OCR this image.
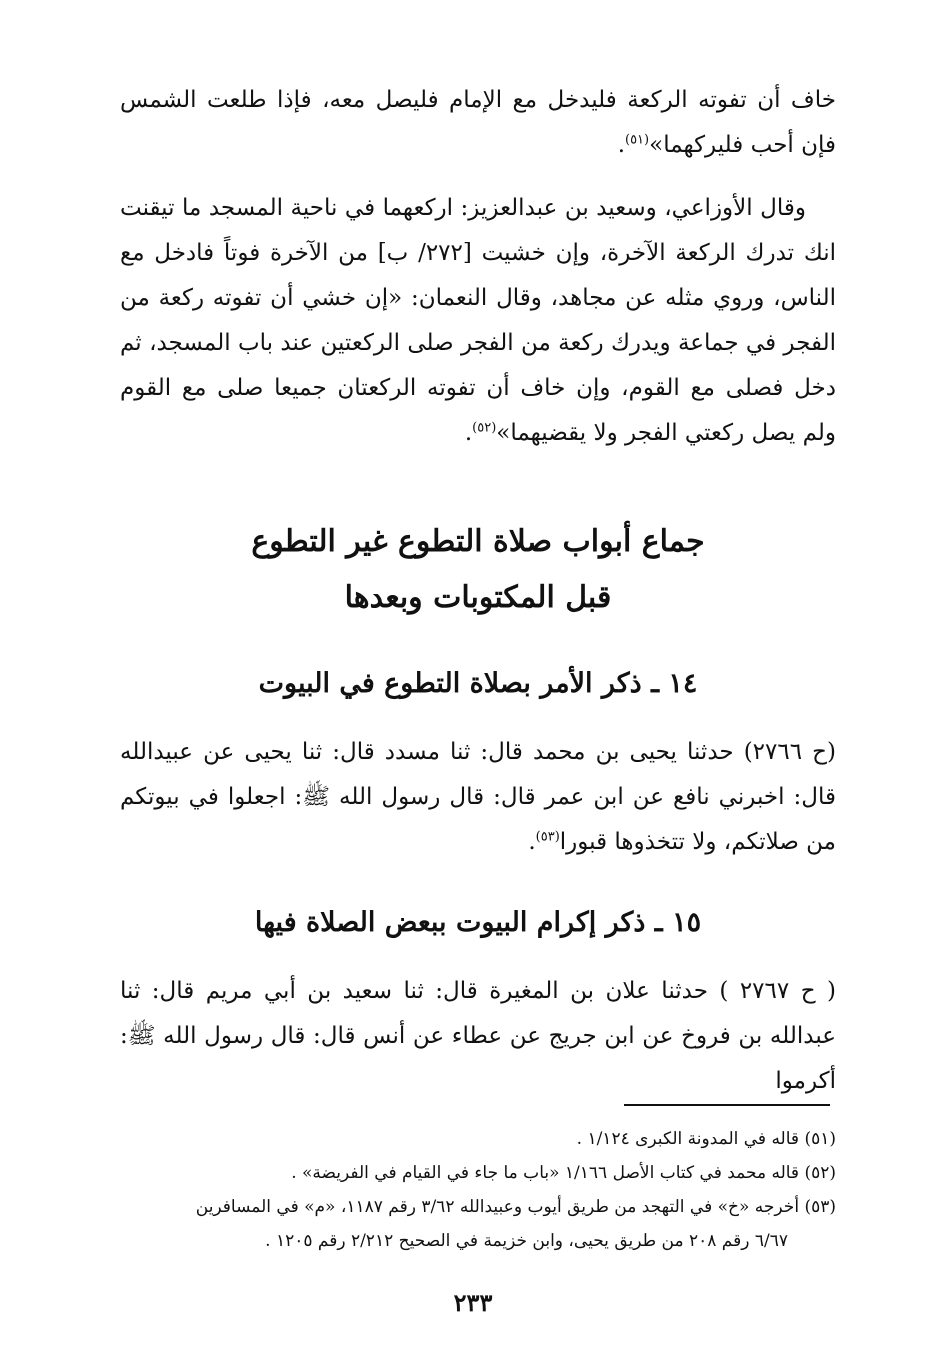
خاف أن تفوته الركعة فليدخل مع الإمام فليصل معه، فإذا طلعت الشمس فإن أحب فليركهما»$^{(٥١)}$.

وقال الأوزاعي، وسعيد بن عبدالعزيز: اركعهما في ناحية المسجد ما تيقنت انك تدرك الركعة الآخرة، وإن خشيت [٢٧٢/ ب] من الآخرة فوتاً فادخل مع الناس، وروي مثله عن مجاهد، وقال النعمان: «إن خشي أن تفوته ركعة من الفجر في جماعة ويدرك ركعة من الفجر صلى الركعتين عند باب المسجد، ثم دخل فصلى مع القوم، وإن خاف أن تفوته الركعتان جميعا صلى مع القوم ولم يصل ركعتي الفجر ولا يقضيهما»$^{(٥٢)}$.

جماع أبواب صلاة التطوع غير التطوع
قبل المكتوبات وبعدها
١٤ ـ ذكر الأمر بصلاة التطوع في البيوت

(ح ٢٧٦٦) حدثنا يحيى بن محمد قال: ثنا مسدد قال: ثنا يحيى عن عبيدالله قال: اخبرني نافع عن ابن عمر قال: قال رسول الله ﷺ: اجعلوا في بيوتكم من صلاتكم، ولا تتخذوها قبورا$^{(٥٣)}$.

١٥ ـ ذكر إكرام البيوت ببعض الصلاة فيها

( ح ٢٧٦٧ ) حدثنا علان بن المغيرة قال: ثنا سعيد بن أبي مريم قال: ثنا عبدالله بن فروخ عن ابن جريج عن عطاء عن أنس قال: قال رسول الله ﷺ: أكرموا

(٥١) قاله في المدونة الكبرى ١/١٢٤ .

(٥٢) قاله محمد في كتاب الأصل ١/١٦٦ «باب ما جاء في القيام في الفريضة» .

(٥٣) أخرجه «خ» في التهجد من طريق أيوب وعبيدالله ٣/٦٢ رقم ١١٨٧، «م» في المسافرين

٦/٦٧ رقم ٢٠٨ من طريق يحيى، وابن خزيمة في الصحيح ٢/٢١٢ رقم ١٢٠٥ .

٢٣٣
